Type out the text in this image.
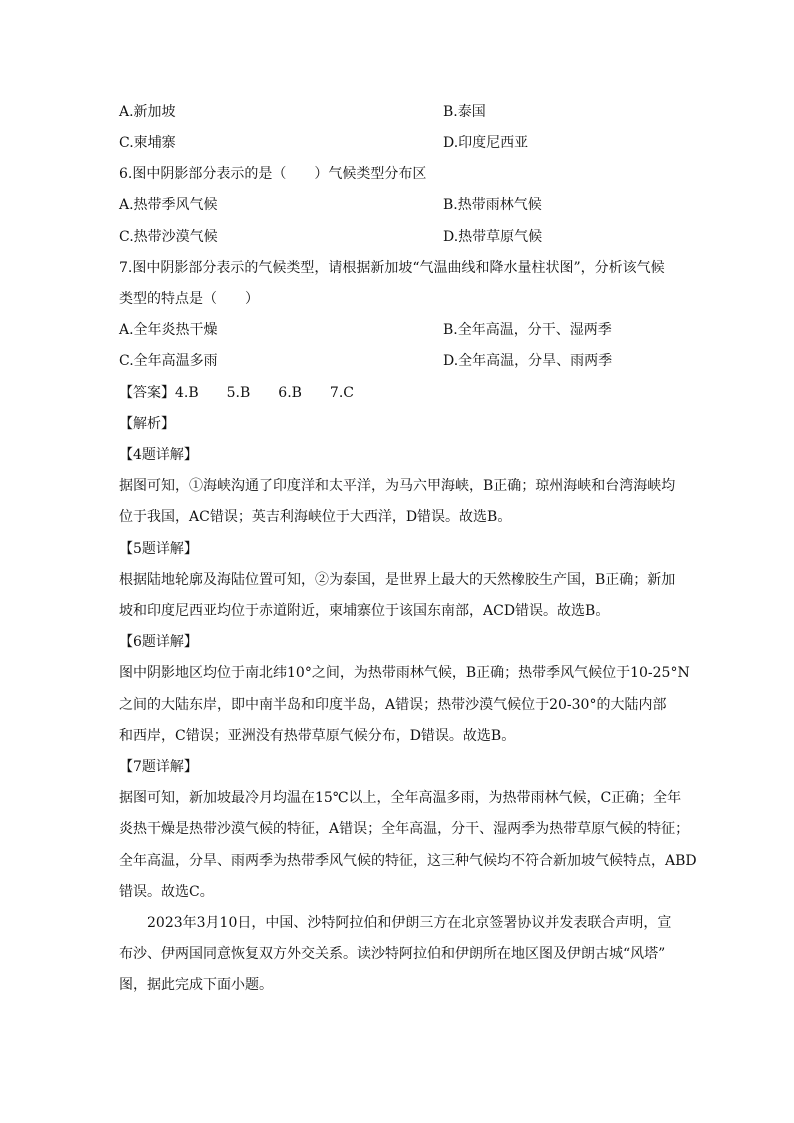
A.新加坡	B.泰国
C.柬埔寨	D.印度尼西亚
6.图中阴影部分表示的是（　　）气候类型分布区
A.热带季风气候	B.热带雨林气候
C.热带沙漠气候	D.热带草原气候
7.图中阴影部分表示的气候类型，请根据新加坡“气温曲线和降水量柱状图”，分析该气候
类型的特点是（　　）
A.全年炎热干燥	B.全年高温，分干、湿两季
C.全年高温多雨	D.全年高温，分旱、雨两季
【答案】4.B　　5.B　　6.B　　7.C
【解析】
【4题详解】
据图可知，①海峡沟通了印度洋和太平洋，为马六甲海峡，B正确；琼州海峡和台湾海峡均
位于我国，AC错误；英吉利海峡位于大西洋，D错误。故选B。
【5题详解】
根据陆地轮廓及海陆位置可知，②为泰国，是世界上最大的天然橡胶生产国，B正确；新加
坡和印度尼西亚均位于赤道附近，柬埔寨位于该国东南部，ACD错误。故选B。
【6题详解】
图中阴影地区均位于南北纬10°之间，为热带雨林气候，B正确；热带季风气候位于10-25°N
之间的大陆东岸，即中南半岛和印度半岛，A错误；热带沙漠气候位于20-30°的大陆内部
和西岸，C错误；亚洲没有热带草原气候分布，D错误。故选B。
【7题详解】
据图可知，新加坡最冷月均温在15℃以上，全年高温多雨，为热带雨林气候，C正确；全年
炎热干燥是热带沙漠气候的特征，A错误；全年高温，分干、湿两季为热带草原气候的特征；
全年高温，分旱、雨两季为热带季风气候的特征，这三种气候均不符合新加坡气候特点，ABD
错误。故选C。
　　2023年3月10日，中国、沙特阿拉伯和伊朗三方在北京签署协议并发表联合声明，宣
布沙、伊两国同意恢复双方外交关系。读沙特阿拉伯和伊朗所在地区图及伊朗古城“风塔”
图，据此完成下面小题。
